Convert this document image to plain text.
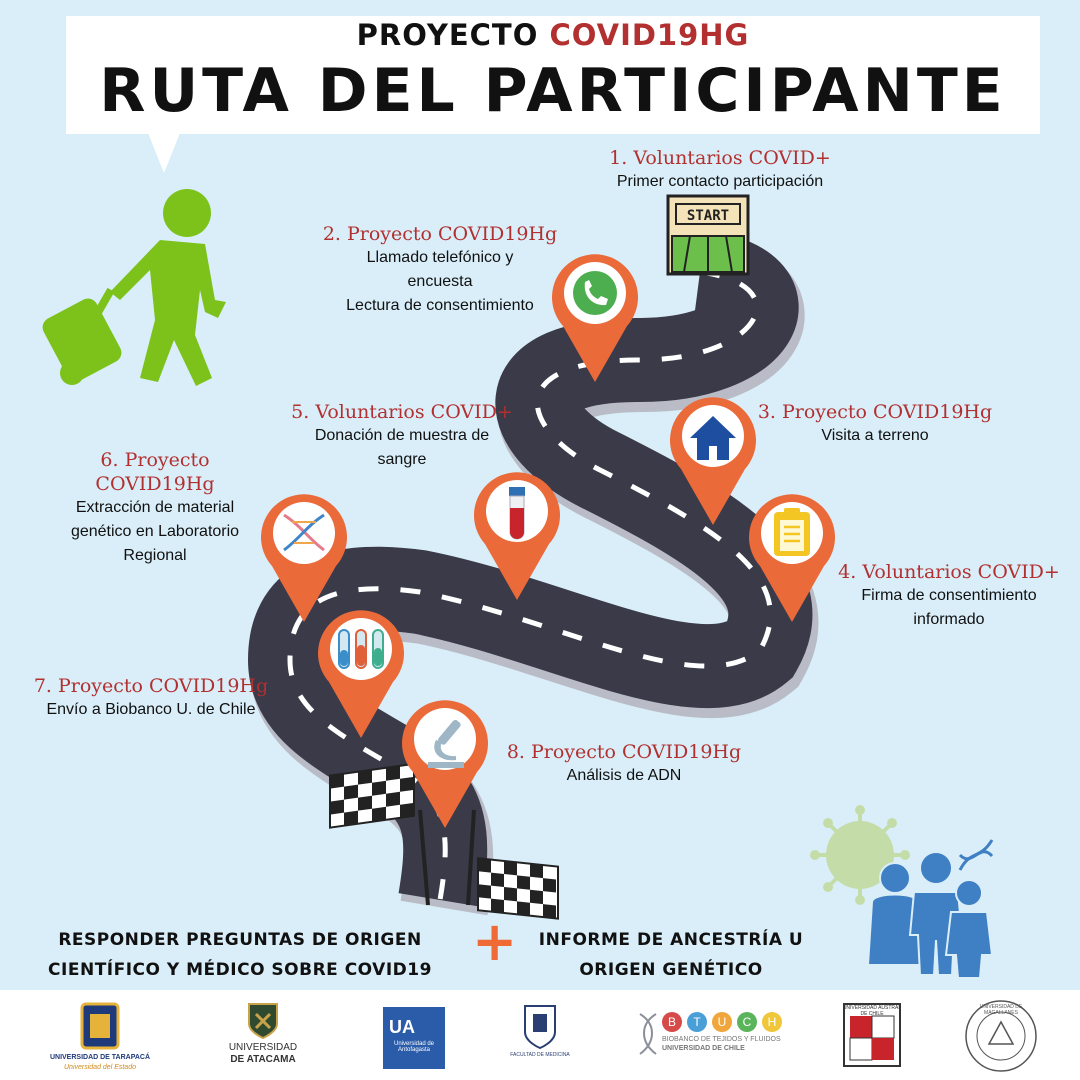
PROYECTO COVID19HG
RUTA DEL PARTICIPANTE
START
1. Voluntarios COVID+
Primer contacto participación
2. Proyecto COVID19Hg
Llamado telefónico y
encuesta
Lectura de consentimiento
3. Proyecto COVID19Hg
Visita a terreno
4. Voluntarios COVID+
Firma de consentimiento
informado
5. Voluntarios COVID+
Donación de muestra de
sangre
6. Proyecto
COVID19Hg
Extracción de material
genético en Laboratorio
Regional
7. Proyecto COVID19Hg
Envío a Biobanco U. de Chile
8. Proyecto COVID19Hg
Análisis de ADN
RESPONDER PREGUNTAS DE ORIGEN
CIENTÍFICO Y MÉDICO SOBRE COVID19 +	INFORME DE ANCESTRÍA U
ORIGEN GENÉTICO
UNIVERSIDAD DE TARAPACÁ
Universidad del Estado
UNIVERSIDAD
DE ATACAMA
UA
Universidad de Antofagasta
FACULTAD DE MEDICINA
B	T	U	C	H
BIOBANCO DE TEJIDOS Y FLUIDOS
UNIVERSIDAD DE CHILE
UNIVERSIDAD AUSTRAL DE CHILE
UNIVERSIDAD DE MAGALLANES
